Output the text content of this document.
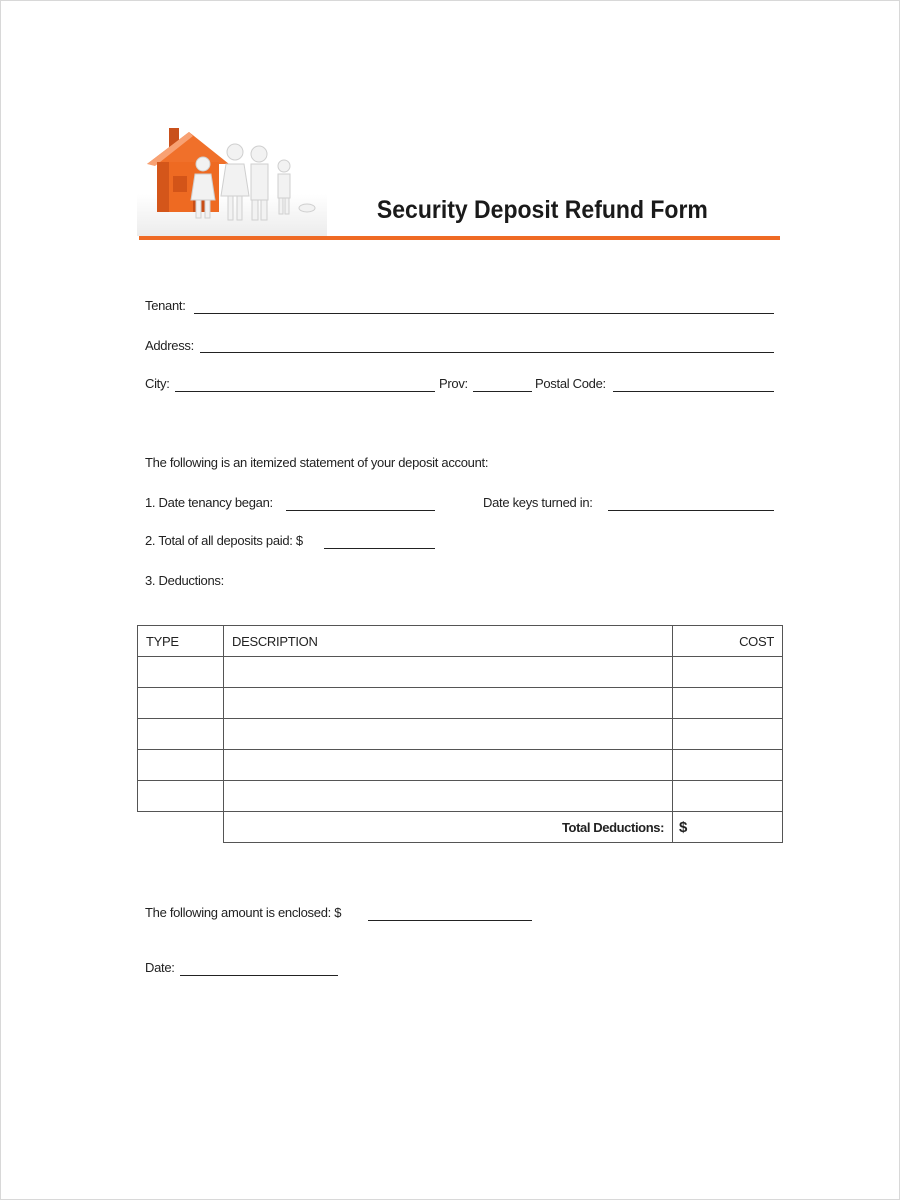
Security Deposit Refund Form
Tenant:
Address:
City:	Prov:	Postal Code:
The following is an itemized statement of your deposit account:
1. Date tenancy began:	Date keys turned in:
2. Total of all deposits paid: $
3. Deductions:
TYPE	DESCRIPTION	COST

	Total Deductions:	$
The following amount is enclosed: $
Date:
